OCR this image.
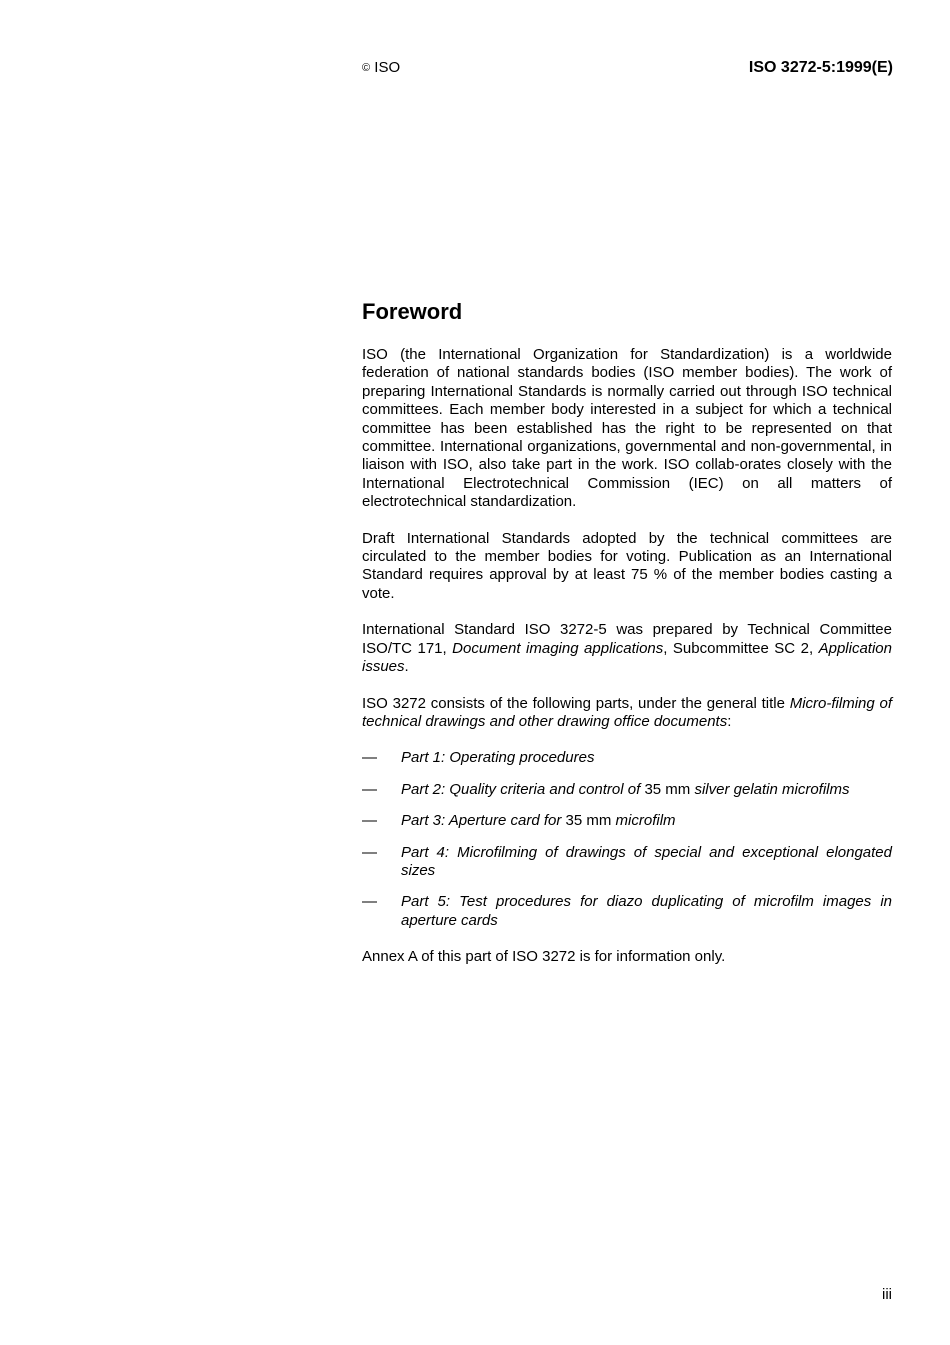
© ISO	ISO 3272-5:1999(E)
Foreword

ISO (the International Organization for Standardization) is a worldwide federation of national standards bodies (ISO member bodies). The work of preparing International Standards is normally carried out through ISO technical committees. Each member body interested in a subject for which a technical committee has been established has the right to be represented on that committee. International organizations, governmental and non-governmental, in liaison with ISO, also take part in the work. ISO collab-orates closely with the International Electrotechnical Commission (IEC) on all matters of electrotechnical standardization.

Draft International Standards adopted by the technical committees are circulated to the member bodies for voting. Publication as an International Standard requires approval by at least 75 % of the member bodies casting a vote.

International Standard ISO 3272-5 was prepared by Technical Committee ISO/TC 171, Document imaging applications, Subcommittee SC 2, Application issues.

ISO 3272 consists of the following parts, under the general title Micro-filming of technical drawings and other drawing office documents:

—	Part 1: Operating procedures
—	Part 2: Quality criteria and control of 35 mm silver gelatin microfilms
—	Part 3: Aperture card for 35 mm microfilm
—	Part 4: Microfilming of drawings of special and exceptional elongated sizes
—	Part 5: Test procedures for diazo duplicating of microfilm images in aperture cards

Annex A of this part of ISO 3272 is for information only.

iii
